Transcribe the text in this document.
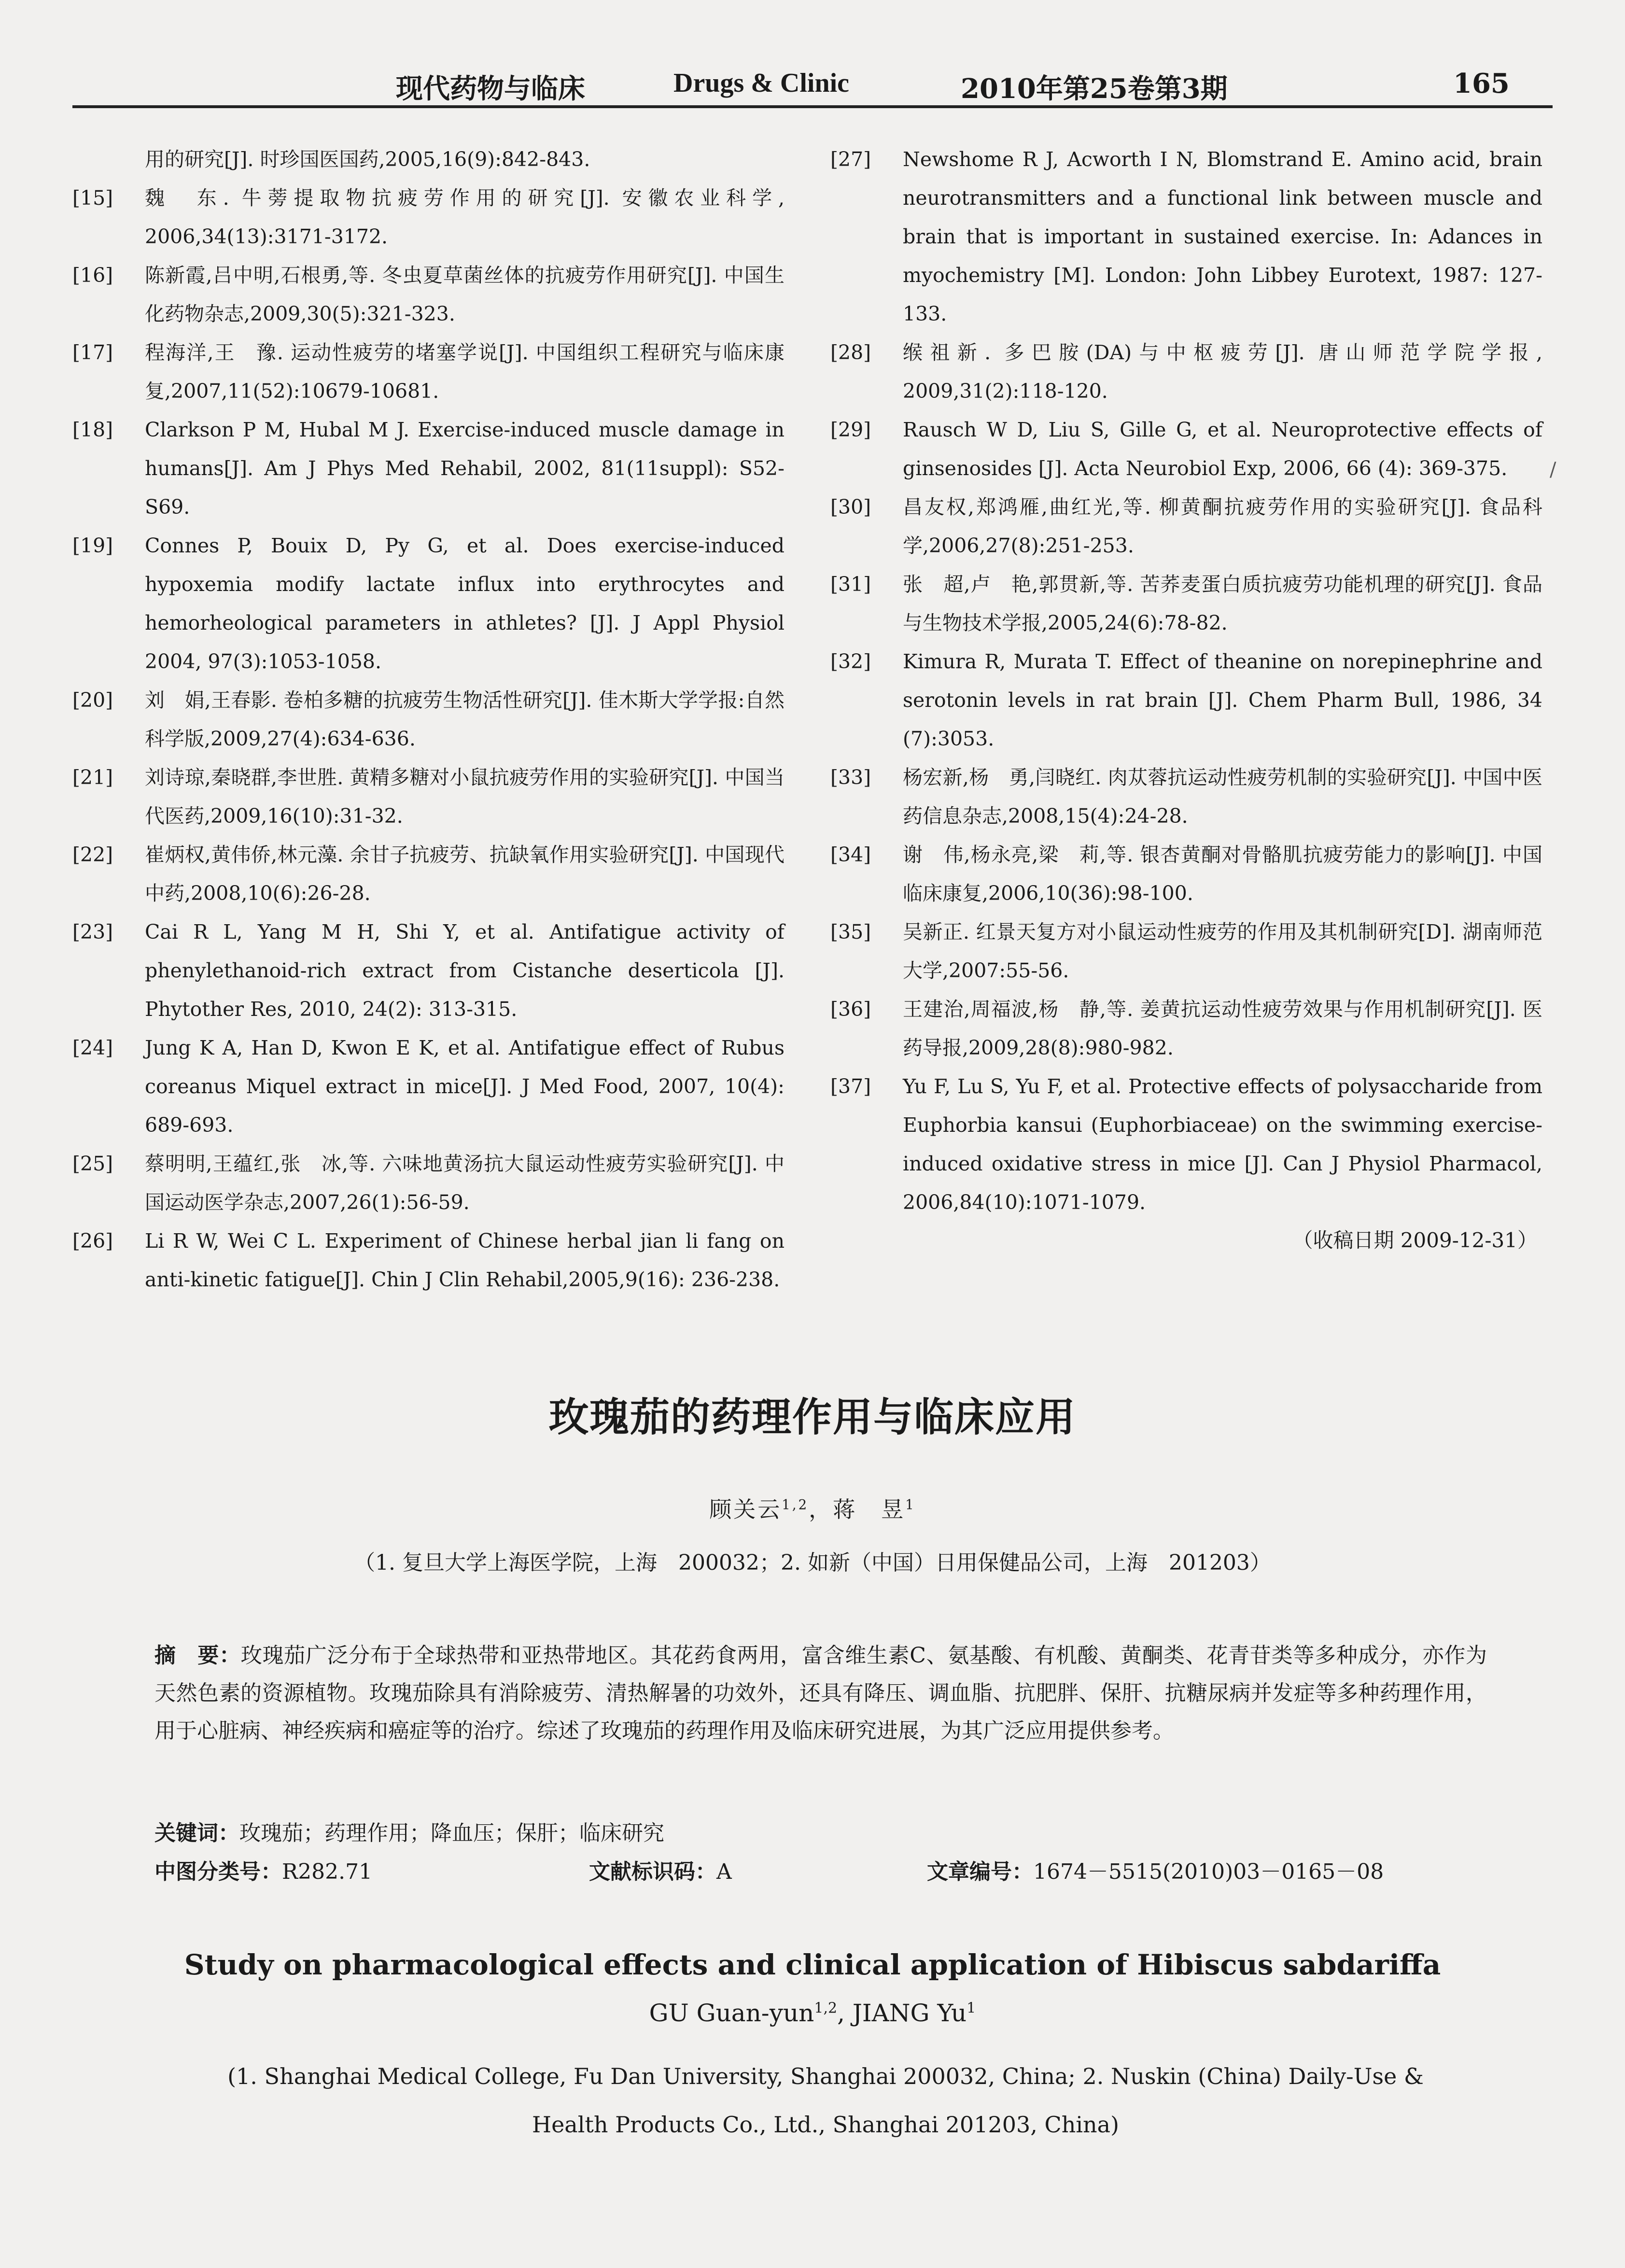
现代药物与临床	Drugs & Clinic	2010年第25卷第3期	165
用的研究[J]. 时珍国医国药,2005,16(9):842-843.
[15]	魏　东. 牛蒡提取物抗疲劳作用的研究[J]. 安徽农业科学, 2006,34(13):3171-3172.
[16]	陈新霞,吕中明,石根勇,等. 冬虫夏草菌丝体的抗疲劳作用研究[J]. 中国生化药物杂志,2009,30(5):321-323.
[17]	程海洋,王　豫. 运动性疲劳的堵塞学说[J]. 中国组织工程研究与临床康复,2007,11(52):10679-10681.
[18]	Clarkson P M, Hubal M J. Exercise-induced muscle damage in humans[J]. Am J Phys Med Rehabil, 2002, 81(11suppl): S52-S69.
[19]	Connes P, Bouix D, Py G, et al. Does exercise-induced hypoxemia modify lactate influx into erythrocytes and hemorheological parameters in athletes? [J]. J Appl Physiol 2004, 97(3):1053-1058.
[20]	刘　娟,王春影. 卷柏多糖的抗疲劳生物活性研究[J]. 佳木斯大学学报:自然科学版,2009,27(4):634-636.
[21]	刘诗琼,秦晓群,李世胜. 黄精多糖对小鼠抗疲劳作用的实验研究[J]. 中国当代医药,2009,16(10):31-32.
[22]	崔炳权,黄伟侨,林元藻. 余甘子抗疲劳、抗缺氧作用实验研究[J]. 中国现代中药,2008,10(6):26-28.
[23]	Cai R L, Yang M H, Shi Y, et al. Antifatigue activity of phenylethanoid-rich extract from Cistanche deserticola [J]. Phytother Res, 2010, 24(2): 313-315.
[24]	Jung K A, Han D, Kwon E K, et al. Antifatigue effect of Rubus coreanus Miquel extract in mice[J]. J Med Food, 2007, 10(4): 689-693.
[25]	蔡明明,王蕴红,张　冰,等. 六味地黄汤抗大鼠运动性疲劳实验研究[J]. 中国运动医学杂志,2007,26(1):56-59.
[26]	Li R W, Wei C L. Experiment of Chinese herbal jian li fang on anti-kinetic fatigue[J]. Chin J Clin Rehabil,2005,9(16): 236-238.
[27]	Newshome R J, Acworth I N, Blomstrand E. Amino acid, brain neurotransmitters and a functional link between muscle and brain that is important in sustained exercise. In: Adances in myochemistry [M]. London: John Libbey Eurotext, 1987: 127-133.
[28]	缑祖新. 多巴胺(DA)与中枢疲劳[J]. 唐山师范学院学报, 2009,31(2):118-120.
[29]	Rausch W D, Liu S, Gille G, et al. Neuroprotective effects of ginsenosides [J]. Acta Neurobiol Exp, 2006, 66 (4): 369-375.
[30]	昌友权,郑鸿雁,曲红光,等. 柳黄酮抗疲劳作用的实验研究[J]. 食品科学,2006,27(8):251-253.
[31]	张　超,卢　艳,郭贯新,等. 苦荞麦蛋白质抗疲劳功能机理的研究[J]. 食品与生物技术学报,2005,24(6):78-82.
[32]	Kimura R, Murata T. Effect of theanine on norepinephrine and serotonin levels in rat brain [J]. Chem Pharm Bull, 1986, 34 (7):3053.
[33]	杨宏新,杨　勇,闫晓红. 肉苁蓉抗运动性疲劳机制的实验研究[J]. 中国中医药信息杂志,2008,15(4):24-28.
[34]	谢　伟,杨永亮,梁　莉,等. 银杏黄酮对骨骼肌抗疲劳能力的影响[J]. 中国临床康复,2006,10(36):98-100.
[35]	吴新正. 红景天复方对小鼠运动性疲劳的作用及其机制研究[D]. 湖南师范大学,2007:55-56.
[36]	王建治,周福波,杨　静,等. 姜黄抗运动性疲劳效果与作用机制研究[J]. 医药导报,2009,28(8):980-982.
[37]	Yu F, Lu S, Yu F, et al. Protective effects of polysaccharide from Euphorbia kansui (Euphorbiaceae) on the swimming exercise-induced oxidative stress in mice [J]. Can J Physiol Pharmacol, 2006,84(10):1071-1079.
（收稿日期 2009-12-31）
/
玫瑰茄的药理作用与临床应用
顾关云$^{1,2}$，蒋　昱$^1$
（1. 复旦大学上海医学院，上海　200032；2. 如新（中国）日用保健品公司，上海　201203）
摘　要：玫瑰茄广泛分布于全球热带和亚热带地区。其花药食两用，富含维生素C、氨基酸、有机酸、黄酮类、花青苷类等多种成分，亦作为天然色素的资源植物。玫瑰茄除具有消除疲劳、清热解暑的功效外，还具有降压、调血脂、抗肥胖、保肝、抗糖尿病并发症等多种药理作用，用于心脏病、神经疾病和癌症等的治疗。综述了玫瑰茄的药理作用及临床研究进展，为其广泛应用提供参考。
关键词：玫瑰茄；药理作用；降血压；保肝；临床研究
中图分类号：R282.71	文献标识码：A	文章编号：1674－5515(2010)03－0165－08
Study on pharmacological effects and clinical application of Hibiscus sabdariffa
GU Guan-yun$^{1,2}$, JIANG Yu$^1$
(1. Shanghai Medical College, Fu Dan University, Shanghai 200032, China; 2. Nuskin (China) Daily-Use &
Health Products Co., Ltd., Shanghai 201203, China)
